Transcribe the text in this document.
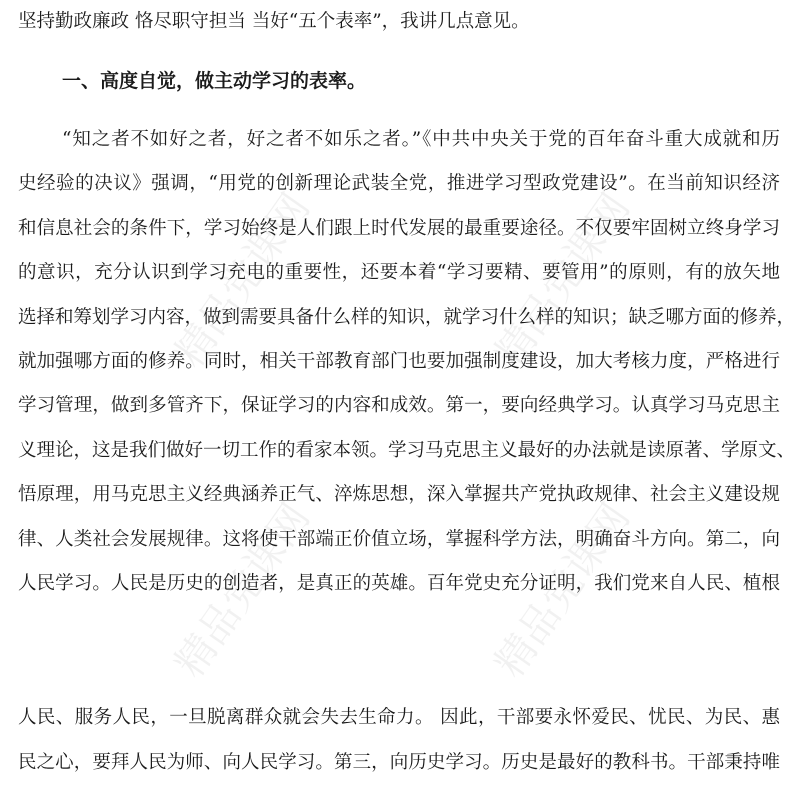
精品党课网	精品党课网
精品党课网	精品党课网
坚持勤政廉政 恪尽职守担当 当好“五个表率”，我讲几点意见。
一、高度自觉，做主动学习的表率。
“知之者不如好之者，好之者不如乐之者。”《中共中央关于党的百年奋斗重大成就和历
史经验的决议》强调，“用党的创新理论武装全党，推进学习型政党建设”。在当前知识经济
和信息社会的条件下，学习始终是人们跟上时代发展的最重要途径。不仅要牢固树立终身学习
的意识，充分认识到学习充电的重要性，还要本着“学习要精、要管用”的原则，有的放矢地
选择和筹划学习内容，做到需要具备什么样的知识，就学习什么样的知识；缺乏哪方面的修养，
就加强哪方面的修养。同时，相关干部教育部门也要加强制度建设，加大考核力度，严格进行
学习管理，做到多管齐下，保证学习的内容和成效。第一，要向经典学习。认真学习马克思主
义理论，这是我们做好一切工作的看家本领。学习马克思主义最好的办法就是读原著、学原文、
悟原理，用马克思主义经典涵养正气、淬炼思想，深入掌握共产党执政规律、社会主义建设规
律、人类社会发展规律。这将使干部端正价值立场，掌握科学方法，明确奋斗方向。第二，向
人民学习。人民是历史的创造者，是真正的英雄。百年党史充分证明，我们党来自人民、植根
人民、服务人民，一旦脱离群众就会失去生命力。 因此，干部要永怀爱民、忧民、为民、惠
民之心，要拜人民为师、向人民学习。第三，向历史学习。历史是最好的教科书。干部秉持唯
